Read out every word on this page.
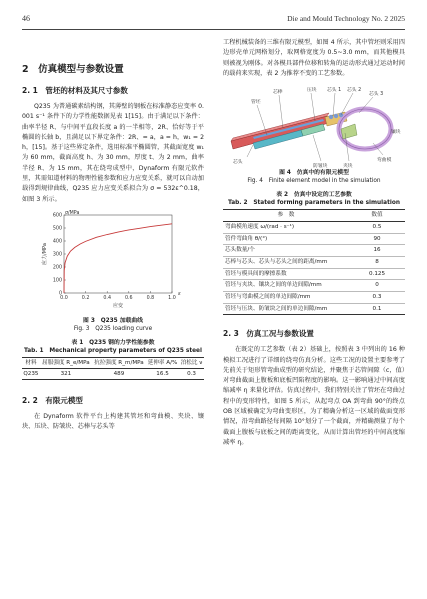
46	Die and Mould Technology No. 2 2025
2　仿真模型与参数设置
2. 1　管坯的材料及其尺寸参数

Q235 为普通碳素结构钢，其薄壁的钢板在标准静态应变率 0.001 s⁻¹ 条件下的力学性能数据见表 1[15]。由于满足以下条件：曲率半径 R、与中间平直段长度 a 的一半相等，2R、恰好等于平椭圆的长轴 b，且满足以下界定条件：2R、= a，a = h，w₁ = 2h，[15]。基于这些界定条件，选用标准平椭圆管，其截面宽度 w₁ 为 60 mm，截面高度 h、为 30 mm，厚度 t、为 2 mm，曲率半径 R、为 15 mm，其在绕弯成型中，Dynaform 有限元软件里，其需知道材料的物理性能参数和应力应变关系，就可以自动加载得到规律曲线，Q235 应力应变关系拟合为 σ = 532ε^0.18，如图 3 所示。

0.0	0.2	0.4	0.6	0.8	1.0
0
100
200
300
400
500
600
σ/MPa
ε
应变
应力/MPa
图 3　Q235 加载曲线
Fig. 3　Q235 loading curve
表 1　Q235 钢的力学性能参数
Tab. 1　Mechanical property parameters of Q235 steel
材料	屈服强度 R_e/MPa	抗拉强度 R_m/MPa	延伸率 A/%	泊松比 ν
Q235	321	489	16.5	0.3
2. 2　有限元模型

在 Dynaform 软件平台上构建其管坯和弯曲模、夹块、镶块、压块、防皱块、芯棒与芯头等

工程机械装备的三维有限元模型，如图 4 所示，其中管坯则采用四边形壳单元网格划分，取网格宽度为 0.5~3.0 mm，而其他模具则被视为刚体。对各模具部件位移和转角的运动形式通过运动时间的载荷来实现，表 2 为推荐不变的工艺参数。

管坯
芯棒	压块 芯头 1 芯头 2
芯头 3
芯头
防皱块	夹块
弯曲模
镶块
图 4　仿真中的有限元模型
Fig. 4　Finite element model in the simulation
表 2　仿真中设定的工艺参数
Tab. 2　Stated forming parameters in the simulation
参　数	数值
弯曲模角速度 ω/(rad · s⁻¹)	0.5
管件弯曲角 θ/(°)	90
芯头数量/个	16
芯棒与芯头、芯头与芯头之间的距离/mm	8
管坯与模具间的摩擦系数	0.125
管坯与夹块、镶块之间的单边间隙/mm	0
管坯与弯曲模之间的单边间隙/mm	0.3
管坯与压块、防皱块之间的单边间隙/mm	0.1
2. 3　仿真工况与参数设置

在既定的工艺参数（表 2）基础上，按照表 3 中列出的 16 种模拟工况进行了详细的绕弯仿真分析。这些工况的设置主要参考了先前关于矩形管弯曲成型的研究结论，并聚焦于芯管间隙（c，值）对弯曲截面上腹板和底板凹陷程度的影响。这一影响通过中间高度缩减率 η 来量化评估。仿真过程中，我们特别关注了管坯在弯曲过程中的变形特性，如图 5 所示，从起弯点 OA 到弯曲 90°的终点 OB 区域被确定为弯曲变形区，为了精确分析这一区域的截面变形情况，沿弯曲路径每间隔 10°划分了一个截面，并精确测量了每个截面上腹板与底板之间的距离变化，从而计算出管坯的中间高度缩减率 η。
